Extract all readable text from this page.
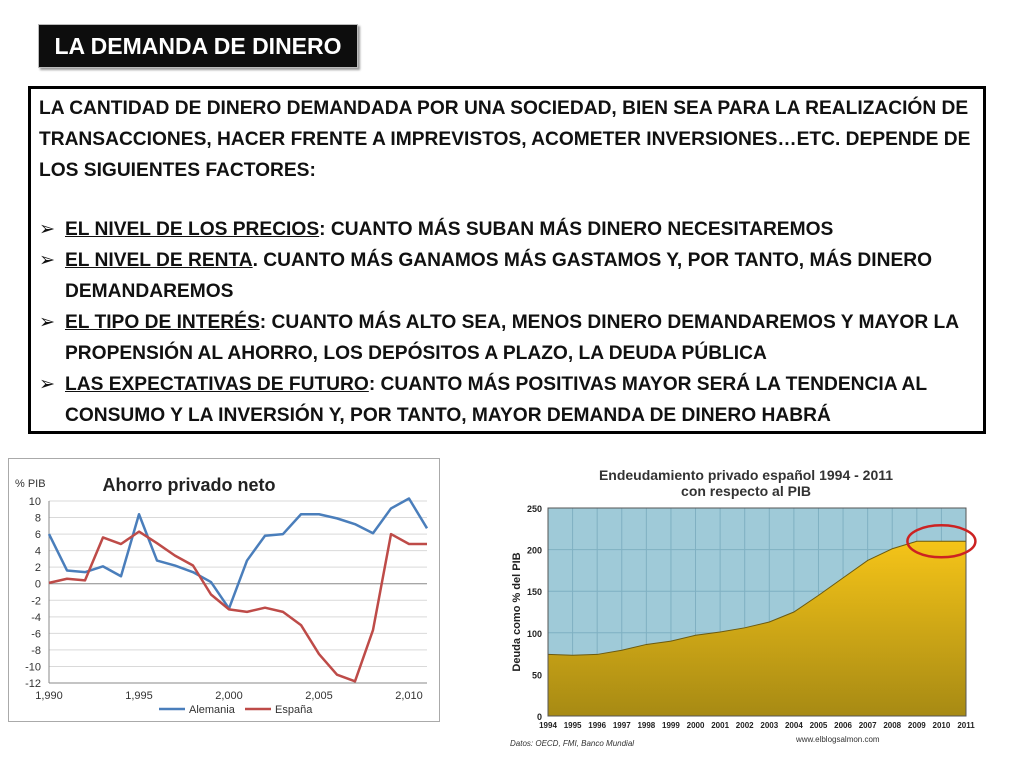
LA DEMANDA DE DINERO

LA CANTIDAD DE DINERO DEMANDADA POR UNA SOCIEDAD, BIEN SEA PARA LA REALIZACIÓN DE TRANSACCIONES, HACER FRENTE A IMPREVISTOS, ACOMETER INVERSIONES…ETC. DEPENDE DE LOS SIGUIENTES FACTORES:

➢ EL NIVEL DE LOS PRECIOS: CUANTO MÁS SUBAN MÁS DINERO NECESITAREMOS

➢ EL NIVEL DE RENTA. CUANTO MÁS GANAMOS MÁS GASTAMOS Y, POR TANTO, MÁS DINERO DEMANDAREMOS

➢ EL TIPO DE INTERÉS: CUANTO MÁS ALTO SEA, MENOS DINERO DEMANDAREMOS Y MAYOR LA PROPENSIÓN AL AHORRO, LOS DEPÓSITOS A PLAZO, LA DEUDA PÚBLICA

➢ LAS EXPECTATIVAS DE FUTURO: CUANTO MÁS POSITIVAS MAYOR SERÁ LA TENDENCIA AL CONSUMO Y LA INVERSIÓN Y, POR TANTO, MAYOR DEMANDA DE DINERO HABRÁ

Ahorro privado neto
% PIB
10
8
6
4
2
0
-2
-4
-6
-8
-10
-12
1,990	1,995	2,000	2,005	2,010
Alemania	España
Endeudamiento privado español 1994 - 2011
con respecto al PIB
0
50
100
150
200
250
1994 1995 1996 1997 1998 1999 2000 2001 2002 2003 2004 2005 2006 2007 2008 2009 2010 2011
Deuda como % del PIB
Datos: OECD, FMI, Banco Mundial	www.elblogsalmon.com
